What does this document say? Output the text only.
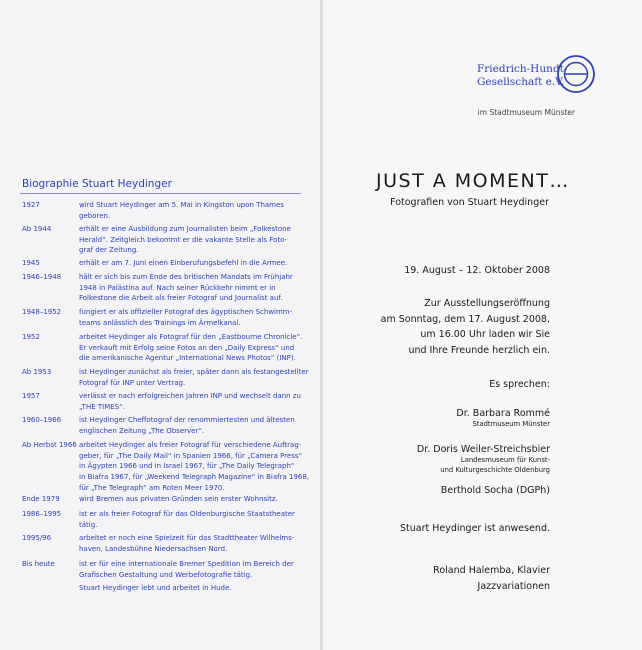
Biographie Stuart Heydinger
1927	wird Stuart Heydinger am 5. Mai in Kingston upon Thames
geboren.
Ab 1944	erhält er eine Ausbildung zum Journalisten beim „Folkestone
Herald“. Zeitgleich bekommt er die vakante Stelle als Foto-
graf der Zeitung.
1945	erhält er am 7. Juni einen Einberufungsbefehl in die Armee.
1946–1948	hält er sich bis zum Ende des britischen Mandats im Frühjahr
1948 in Palästina auf. Nach seiner Rückkehr nimmt er in
Folkestone die Arbeit als freier Fotograf und Journalist auf.
1948–1952	fungiert er als offizieller Fotograf des ägyptischen Schwimm-
teams anlässlich des Trainings im Ärmelkanal.
1952	arbeitet Heydinger als Fotograf für den „Eastbourne Chronicle“.
Er verkauft mit Erfolg seine Fotos an den „Daily Express“ und
die amerikanische Agentur „International News Photos“ (INP).
Ab 1953	ist Heydinger zunächst als freier, später dann als festangestellter
Fotograf für INP unter Vertrag.
1957	verlässt er nach erfolgreichen Jahren INP und wechselt dann zu
„THE TIMES“.
1960–1966	ist Heydinger Cheffotograf der renommiertesten und ältesten
englischen Zeitung „The Observer“.
Ab Herbst 1966 arbeitet Heydinger als freier Fotograf für verschiedene Auftrag-
geber, für „The Daily Mail“ in Spanien 1966, für „Camera Press“
in Ägypten 1966 und in Israel 1967, für „The Daily Telegraph“
in Biafra 1967, für „Weekend Telegraph Magazine“ in Biafra 1968,
für „The Telegraph“ am Roten Meer 1970.
Ende 1979	wird Bremen aus privaten Gründen sein erster Wohnsitz.
1986–1995	ist er als freier Fotograf für das Oldenburgische Staatstheater
tätig.
1995/96	arbeitet er noch eine Spielzeit für das Stadttheater Wilhelms-
haven, Landesbühne Niedersachsen Nord.
Bis heute	ist er für eine internationale Bremer Spedition im Bereich der
Grafischen Gestaltung und Werbefotografie tätig.
Stuart Heydinger lebt und arbeitet in Hude.
Friedrich-Hundt-
Gesellschaft e.V.
im Stadtmuseum Münster
JUST A MOMENT…
Fotografien von Stuart Heydinger
19. August – 12. Oktober 2008
Zur Ausstellungseröffnung
am Sonntag, dem 17. August 2008,
um 16.00 Uhr laden wir Sie
und Ihre Freunde herzlich ein.
Es sprechen:
Dr. Barbara Rommé
Stadtmuseum Münster
Dr. Doris Weiler-Streichsbier
Landesmuseum für Kunst-
und Kulturgeschichte Oldenburg
Berthold Socha (DGPh)
Stuart Heydinger ist anwesend.
Roland Halemba, Klavier
Jazzvariationen
